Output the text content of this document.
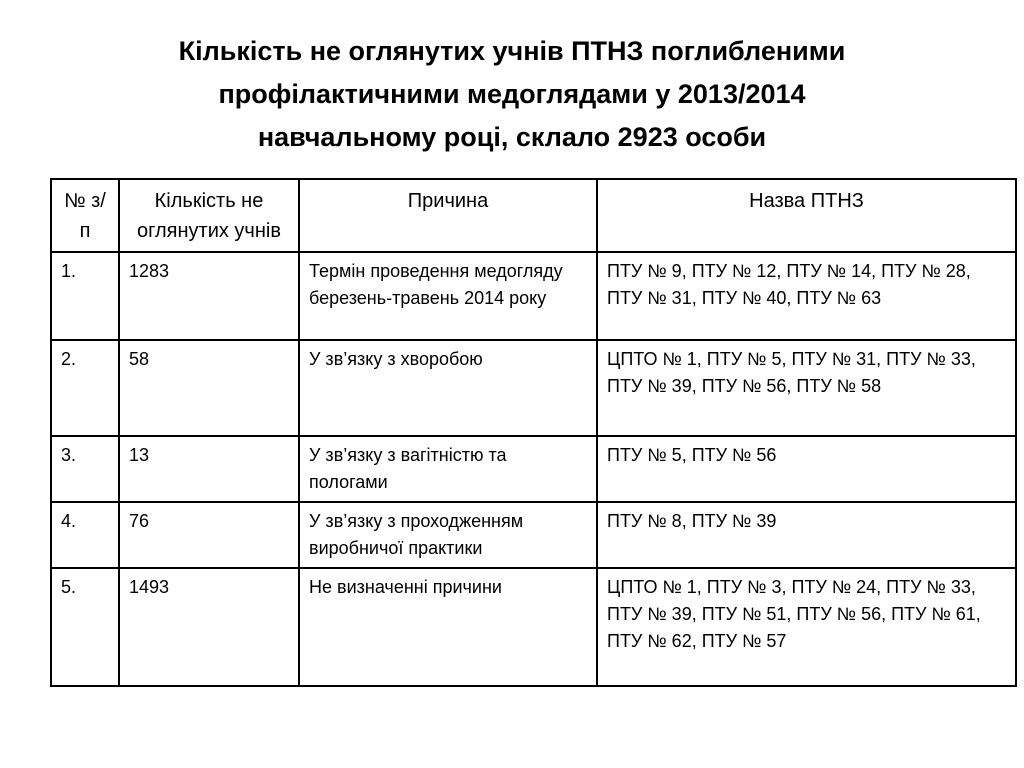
Кількість не оглянутих учнів ПТНЗ поглибленими
профілактичними медоглядами у 2013/2014
навчальному році, склало 2923 особи
№ з/п	Кількість не оглянутих учнів	Причина	Назва ПТНЗ
1.	1283	Термін проведення медогляду березень-травень 2014 року	ПТУ № 9, ПТУ № 12, ПТУ № 14, ПТУ № 28, ПТУ № 31, ПТУ № 40, ПТУ № 63
2.	58	У зв’язку з хворобою	ЦПТО № 1, ПТУ № 5, ПТУ № 31, ПТУ № 33, ПТУ № 39, ПТУ № 56, ПТУ № 58
3.	13	У зв’язку з вагітністю та пологами	ПТУ № 5, ПТУ № 56
4.	76	У зв’язку з проходженням виробничої практики	ПТУ № 8, ПТУ № 39
5.	1493	Не визначенні причини	ЦПТО № 1, ПТУ № 3, ПТУ № 24, ПТУ № 33, ПТУ № 39, ПТУ № 51, ПТУ № 56, ПТУ № 61, ПТУ № 62, ПТУ № 57
